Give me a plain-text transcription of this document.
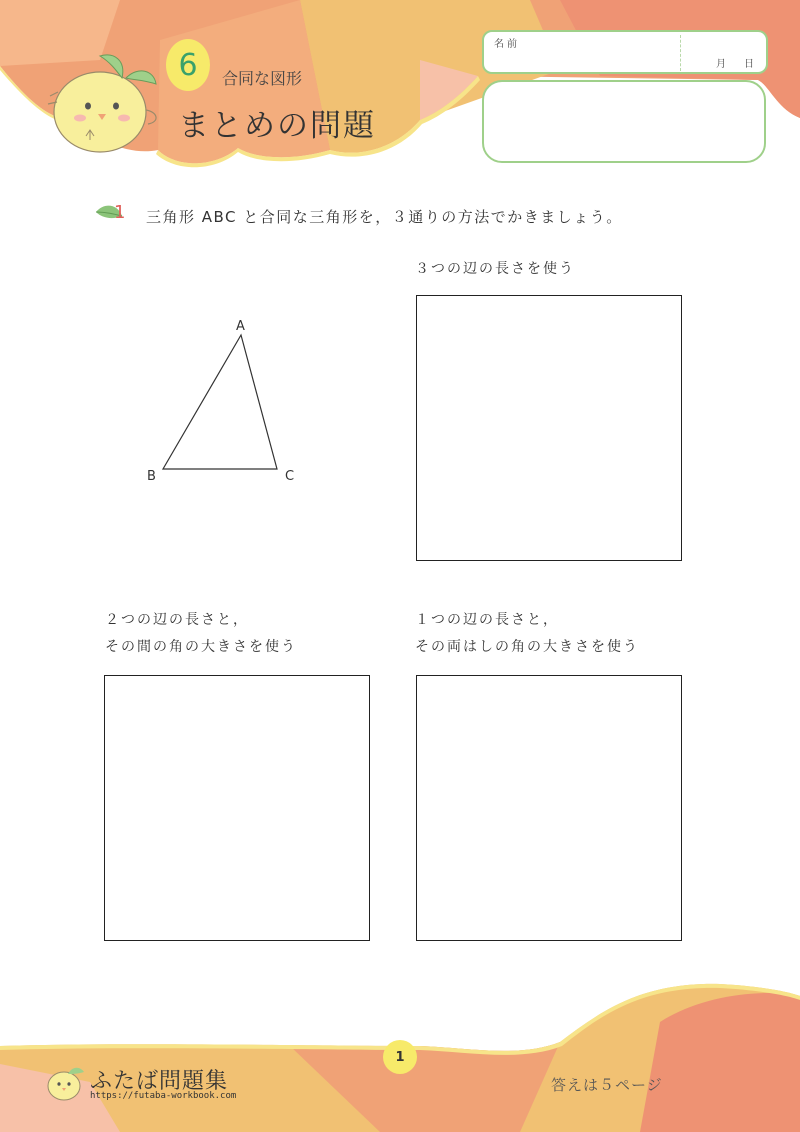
6 合同な図形
まとめの問題
名前
月 日
1 三角形 ABC と合同な三角形を，３通りの方法でかきましょう。
A
B	C
３つの辺の長さを使う
２つの辺の長さと，
その間の角の大きさを使う
１つの辺の長さと，
その両はしの角の大きさを使う
1
ふたば問題集
https://futaba-workbook.com
答えは５ページ
